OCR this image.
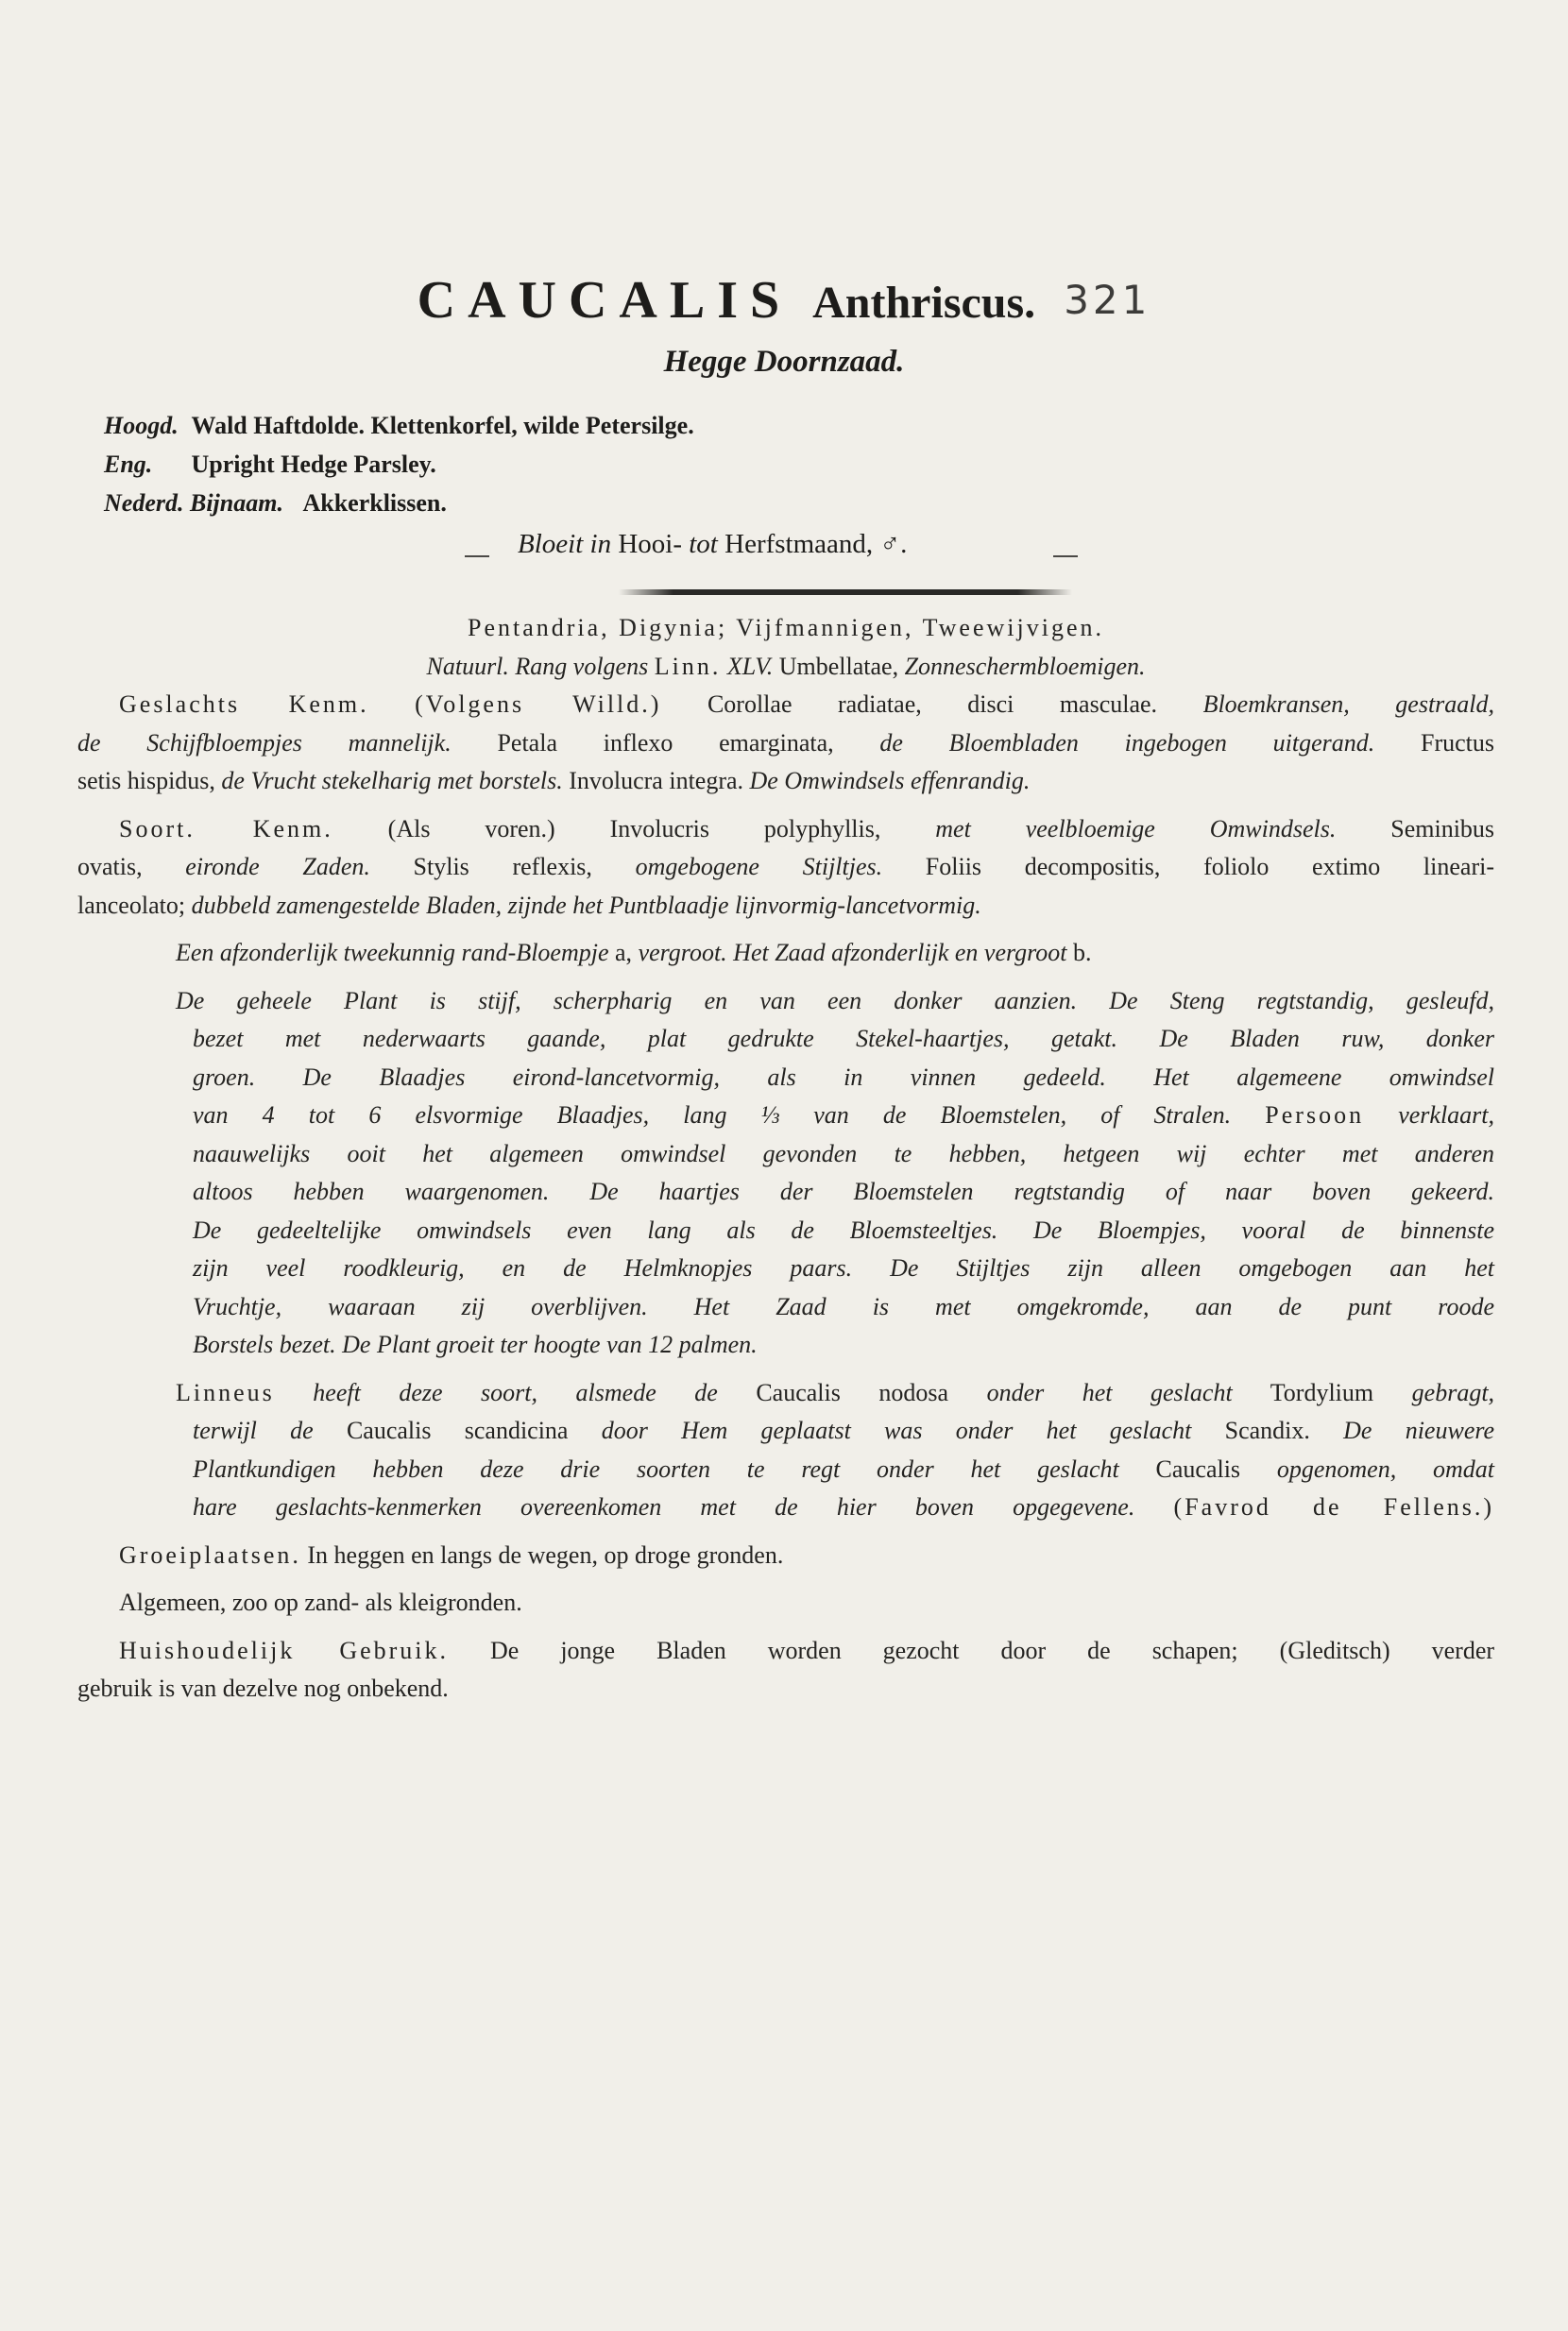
CAUCALIS Anthriscus. 321
Hegge Doornzaad.
Hoogd. Wald Haftdolde. Klettenkorfel, wilde Petersilge.
Eng. Upright Hedge Parsley.
Nederd. Bijnaam. Akkerklissen.
Bloeit in Hooi- tot Herfstmaand, ♂.
Pentandria, Digynia; Vijfmannigen, Tweewijvigen.
Natuurl. Rang volgens Linn. XLV. Umbellatae, Zonneschermbloemigen.
Geslachts Kenm. (Volgens Willd.) Corollae radiatae, disci masculae. Bloemkransen, gestraald,
de Schijfbloempjes mannelijk. Petala inflexo emarginata, de Bloembladen ingebogen uitgerand. Fructus
setis hispidus, de Vrucht stekelharig met borstels. Involucra integra. De Omwindsels effenrandig.
Soort. Kenm. (Als voren.) Involucris polyphyllis, met veelbloemige Omwindsels. Seminibus
ovatis, eironde Zaden. Stylis reflexis, omgebogene Stijltjes. Foliis decompositis, foliolo extimo lineari-
lanceolato; dubbeld zamengestelde Bladen, zijnde het Puntblaadje lijnvormig-lancetvormig.
Een afzonderlijk tweekunnig rand-Bloempje a, vergroot. Het Zaad afzonderlijk en vergroot b.
De geheele Plant is stijf, scherpharig en van een donker aanzien. De Steng regtstandig, gesleufd,
bezet met nederwaarts gaande, plat gedrukte Stekel-haartjes, getakt. De Bladen ruw, donker
groen. De Blaadjes eirond-lancetvormig, als in vinnen gedeeld. Het algemeene omwindsel
van 4 tot 6 elsvormige Blaadjes, lang ⅓ van de Bloemstelen, of Stralen. Persoon verklaart,
naauwelijks ooit het algemeen omwindsel gevonden te hebben, hetgeen wij echter met anderen
altoos hebben waargenomen. De haartjes der Bloemstelen regtstandig of naar boven gekeerd.
De gedeeltelijke omwindsels even lang als de Bloemsteeltjes. De Bloempjes, vooral de binnenste
zijn veel roodkleurig, en de Helmknopjes paars. De Stijltjes zijn alleen omgebogen aan het
Vruchtje, waaraan zij overblijven. Het Zaad is met omgekromde, aan de punt roode
Borstels bezet. De Plant groeit ter hoogte van 12 palmen.
Linneus heeft deze soort, alsmede de Caucalis nodosa onder het geslacht Tordylium gebragt,
terwijl de Caucalis scandicina door Hem geplaatst was onder het geslacht Scandix. De nieuwere
Plantkundigen hebben deze drie soorten te regt onder het geslacht Caucalis opgenomen, omdat
hare geslachts-kenmerken overeenkomen met de hier boven opgegevene. (Favrod de Fellens.)
Groeiplaatsen. In heggen en langs de wegen, op droge gronden.
Algemeen, zoo op zand- als kleigronden.
Huishoudelijk Gebruik. De jonge Bladen worden gezocht door de schapen; (Gleditsch) verder
gebruik is van dezelve nog onbekend.
